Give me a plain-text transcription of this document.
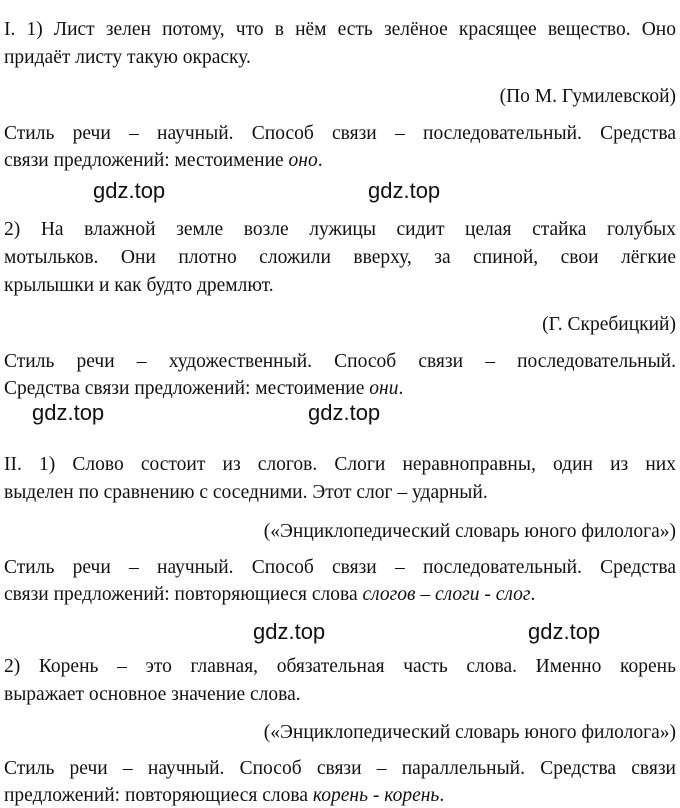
I. 1) Лист зелен потому, что в нём есть зелёное красящее вещество. Оно
придаёт листу такую окраску.
(По М. Гумилевской)
Стиль речи – научный. Способ связи – последовательный. Средства
связи предложений: местоимение оно.
gdz.top	gdz.top
2) На влажной земле возле лужицы сидит целая стайка голубых
мотыльков. Они плотно сложили вверху, за спиной, свои лёгкие
крылышки и как будто дремлют.
(Г. Скребицкий)
Стиль речи – художественный. Способ связи – последовательный.
Средства связи предложений: местоимение они.
gdz.top	gdz.top
II. 1) Слово состоит из слогов. Слоги неравноправны, один из них
выделен по сравнению с соседними. Этот слог – ударный.
(«Энциклопедический словарь юного филолога»)
Стиль речи – научный. Способ связи – последовательный. Средства
связи предложений: повторяющиеся слова слогов – слоги - слог.
gdz.top	gdz.top
2) Корень – это главная, обязательная часть слова. Именно корень
выражает основное значение слова.
(«Энциклопедический словарь юного филолога»)
Стиль речи – научный. Способ связи – параллельный. Средства связи
предложений: повторяющиеся слова корень - корень.
